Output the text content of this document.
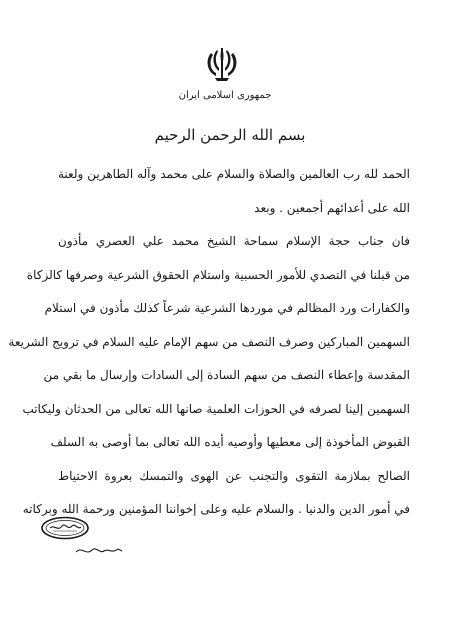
جمهوری اسلامی ایران
بسم الله الرحمن الرحیم
الحمد لله رب العالمين والصلاة والسلام على محمد وآله الطاهرين ولعنة
الله على أعدائهم أجمعين . وبعد
فان جناب حجة الإسلام سماحة الشيخ محمد علي العصري مأذون
من قبلنا في التصدي للأمور الحسبية واستلام الحقوق الشرعية وصرفها كالزكاة
والكفارات ورد المظالم في موردها الشرعية شرعاً كذلك مأذون في استلام
السهمين المباركين وصرف النصف من سهم الإمام عليه السلام في ترويج الشريعة
المقدسة وإعطاء النصف من سهم السادة إلى السادات وإرسال ما بقي من
السهمين إلينا لصرفه في الحوزات العلمية صانها الله تعالى من الحدثان وليكاتب
القبوض المأخوذة إلى معطيها وأوصيه أيده الله تعالى بما أوصى به السلف
الصالح بملازمة التقوى والتجنب عن الهوى والتمسك بعروة الاحتياط
في أمور الدين والدنيا . والسلام عليه وعلى إخواننا المؤمنين ورحمة الله وبركاته
